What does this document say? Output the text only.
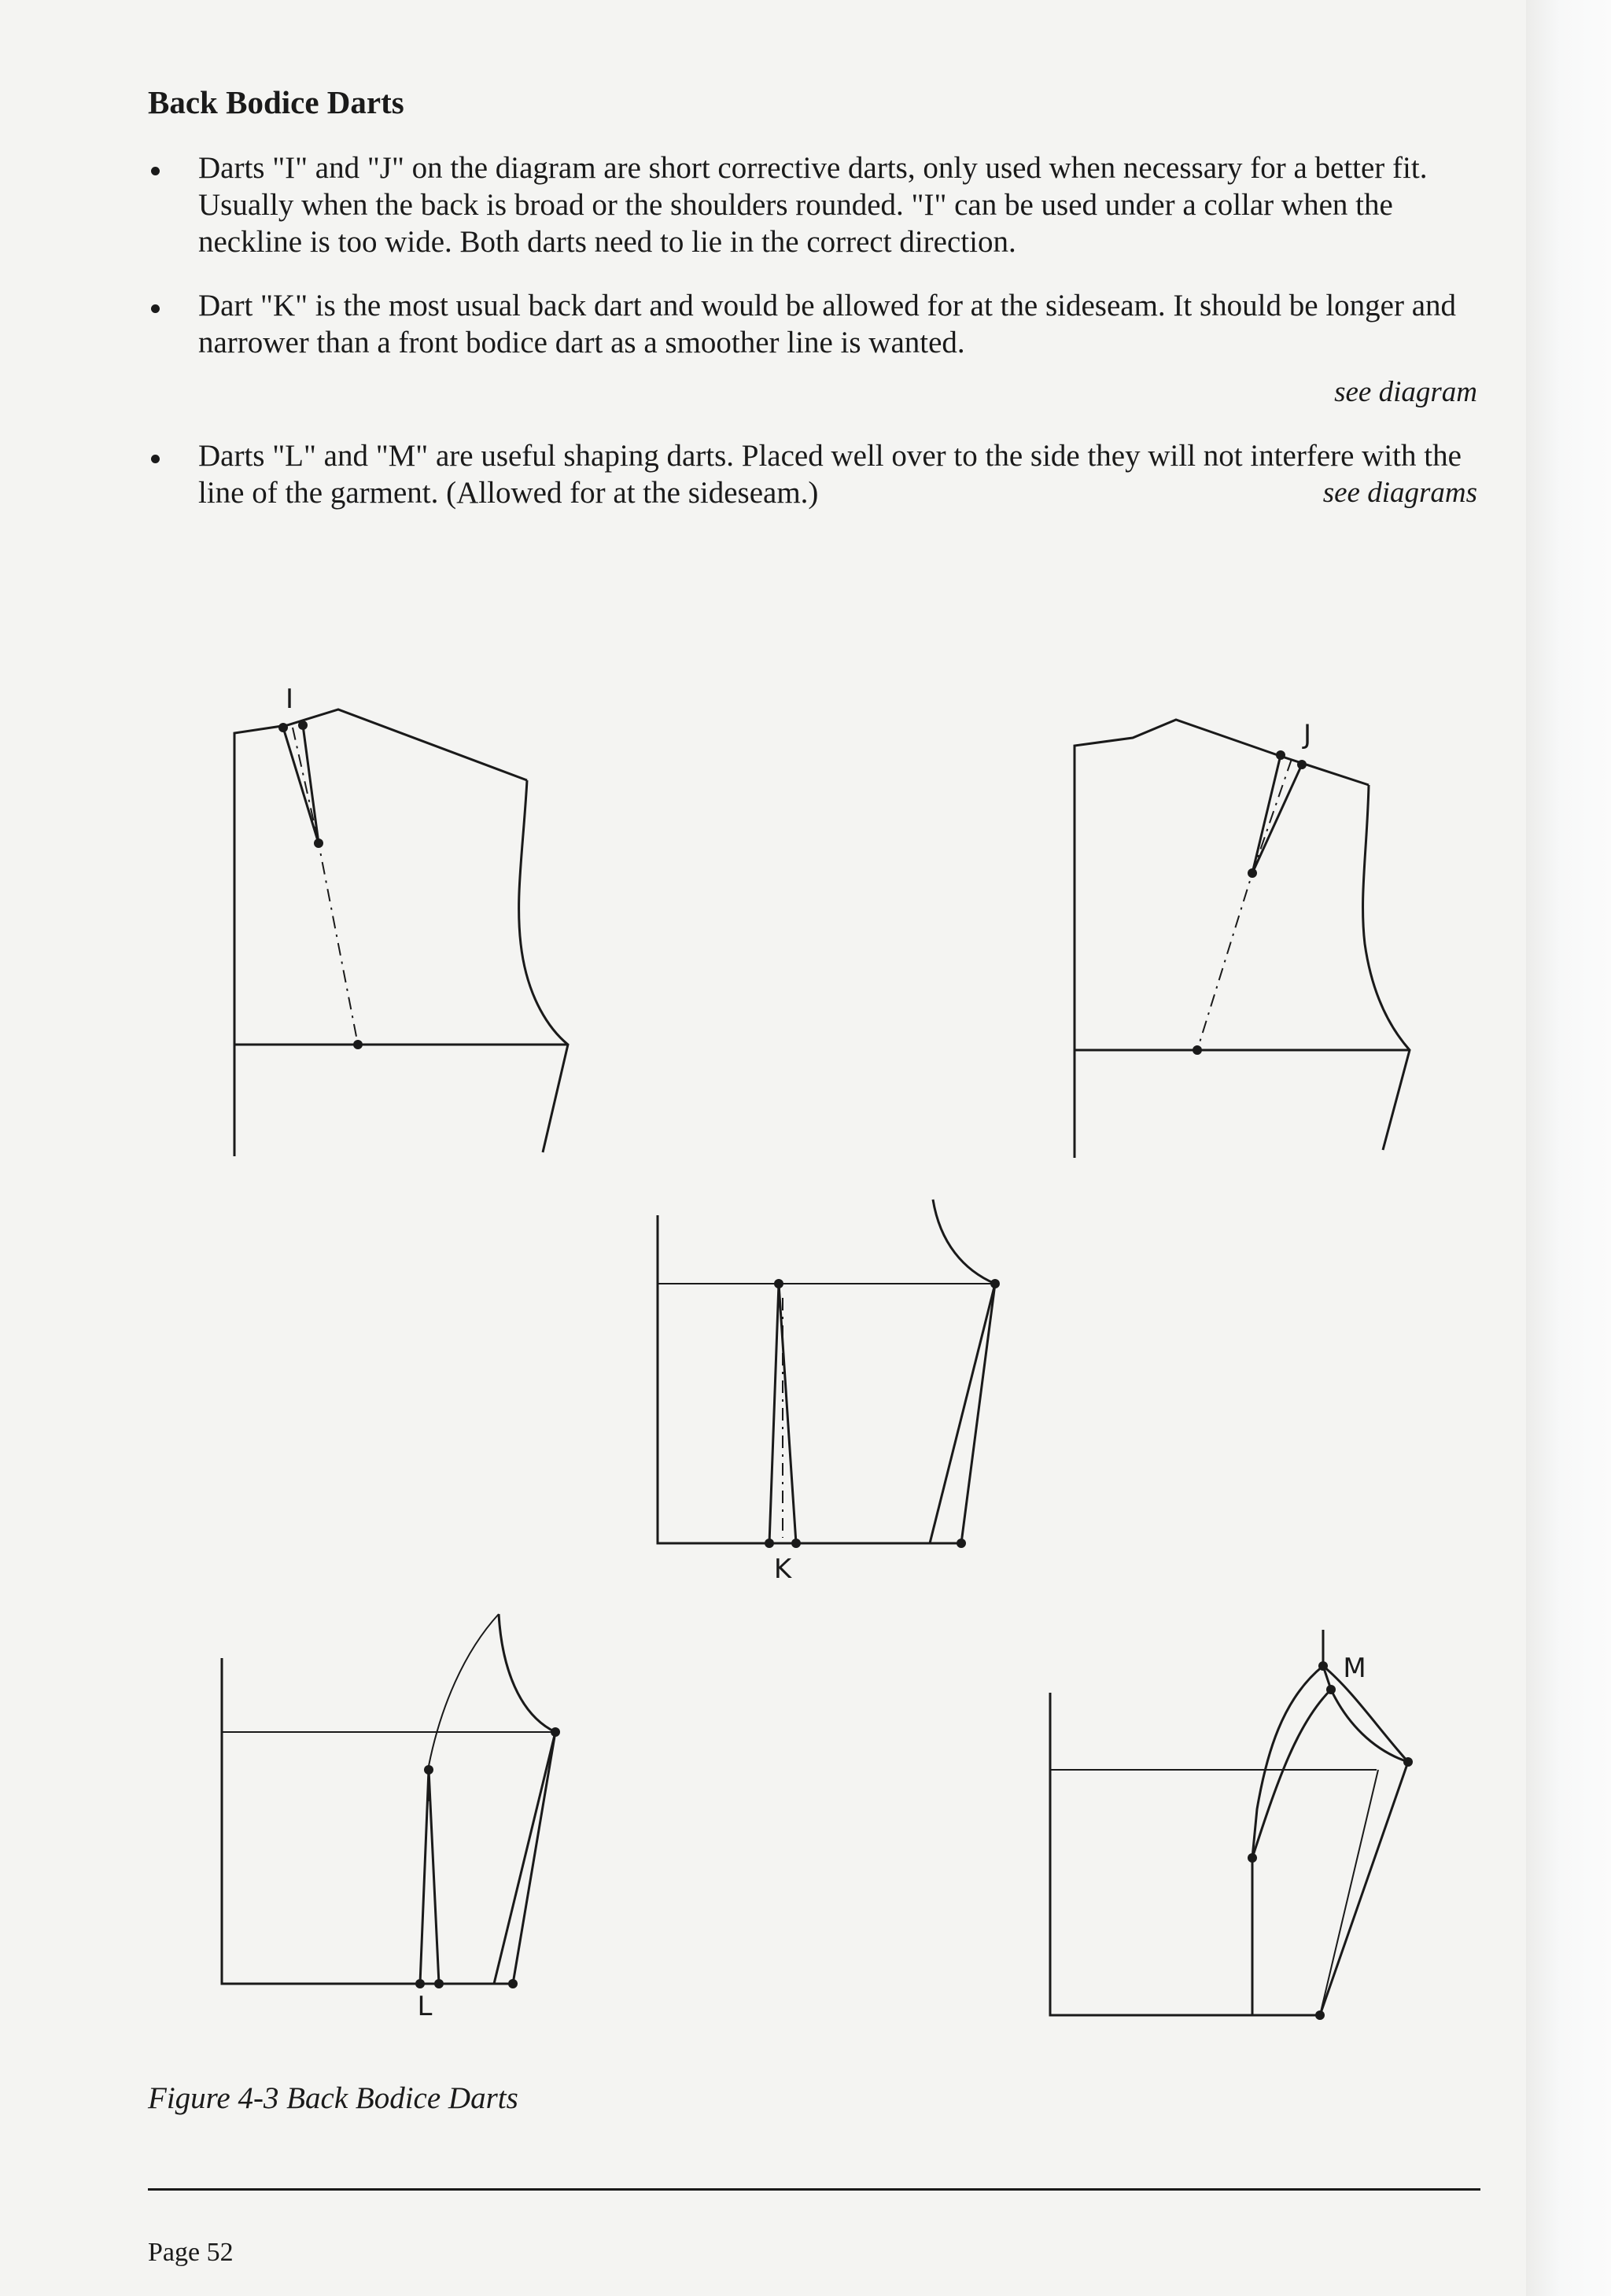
Back Bodice Darts
Darts "I" and "J" on the diagram are short corrective darts, only used when necessary for a better fit. Usually when the back is broad or the shoulders rounded. "I" can be used under a collar when the neckline is too wide. Both darts need to lie in the correct direction.
Dart "K" is the most usual back dart and would be allowed for at the sideseam. It should be longer and narrower than a front bodice dart as a smoother line is wanted.
see diagram
Darts "L" and "M" are useful shaping darts. Placed well over to the side they will not interfere with the line of the garment. (Allowed for at the sideseam.)	see diagrams
I
J
K
L
M
Figure 4-3 Back Bodice Darts
Page 52
